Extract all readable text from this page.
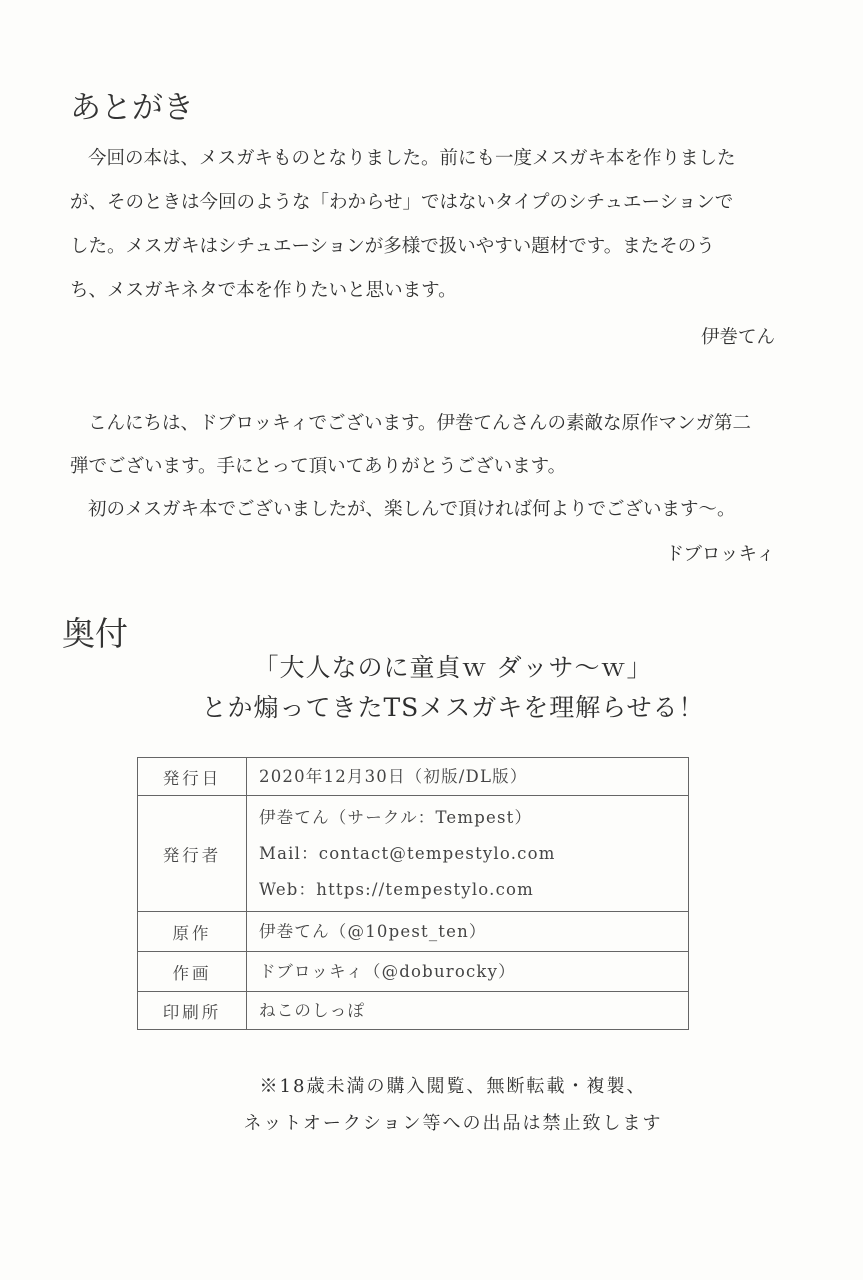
あとがき
今回の本は、メスガキものとなりました。前にも一度メスガキ本を作りました
が、そのときは今回のような「わからせ」ではないタイプのシチュエーションで
した。メスガキはシチュエーションが多様で扱いやすい題材です。またそのう
ち、メスガキネタで本を作りたいと思います。
伊巻てん
こんにちは、ドブロッキィでございます。伊巻てんさんの素敵な原作マンガ第二
弾でございます。手にとって頂いてありがとうございます。
初のメスガキ本でございましたが、楽しんで頂ければ何よりでございます～。
ドブロッキィ
奥付
「大人なのに童貞ｗ ダッサ～ｗ」
とか煽ってきたTSメスガキを理解らせる！
発行日	2020年12月30日（初版/DL版）

発行者	伊巻てん（サークル：Tempest）
Mail：contact@tempestylo.com
Web：https://tempestylo.com

原作	伊巻てん（@10pest_ten）

作画	ドブロッキィ（@doburocky）

印刷所	ねこのしっぽ
※18歳未満の購入閲覧、無断転載・複製、
ネットオークション等への出品は禁止致します
